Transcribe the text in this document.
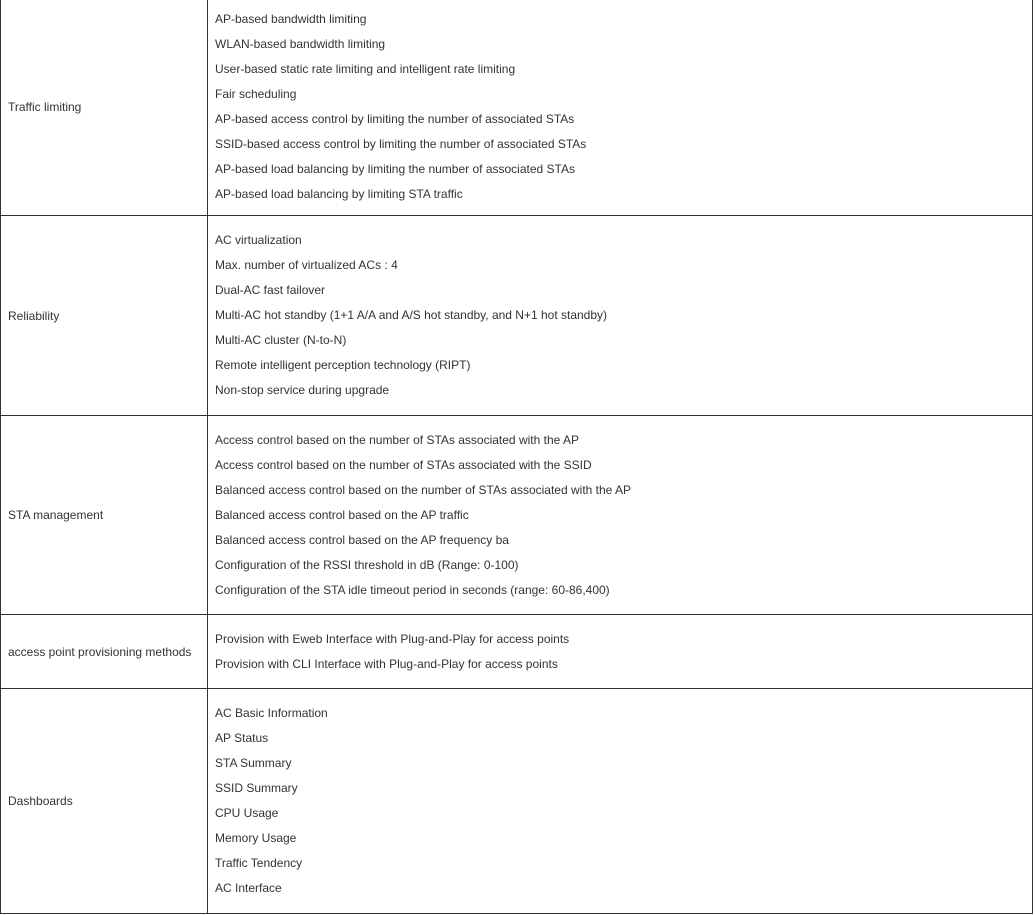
Traffic limiting
AP-based bandwidth limiting
WLAN-based bandwidth limiting
User-based static rate limiting and intelligent rate limiting
Fair scheduling
AP-based access control by limiting the number of associated STAs
SSID-based access control by limiting the number of associated STAs
AP-based load balancing by limiting the number of associated STAs
AP-based load balancing by limiting STA traffic
Reliability
AC virtualization
Max. number of virtualized ACs : 4
Dual-AC fast failover
Multi-AC hot standby (1+1 A/A and A/S hot standby, and N+1 hot standby)
Multi-AC cluster (N-to-N)
Remote intelligent perception technology (RIPT)
Non-stop service during upgrade
STA management
Access control based on the number of STAs associated with the AP
Access control based on the number of STAs associated with the SSID
Balanced access control based on the number of STAs associated with the AP
Balanced access control based on the AP traffic
Balanced access control based on the AP frequency ba
Configuration of the RSSI threshold in dB (Range: 0-100)
Configuration of the STA idle timeout period in seconds (range: 60-86,400)
access point provisioning methods
Provision with Eweb Interface with Plug-and-Play for access points
Provision with CLI Interface with Plug-and-Play for access points
Dashboards
AC Basic Information
AP Status
STA Summary
SSID Summary
CPU Usage
Memory Usage
Traffic Tendency
AC Interface
